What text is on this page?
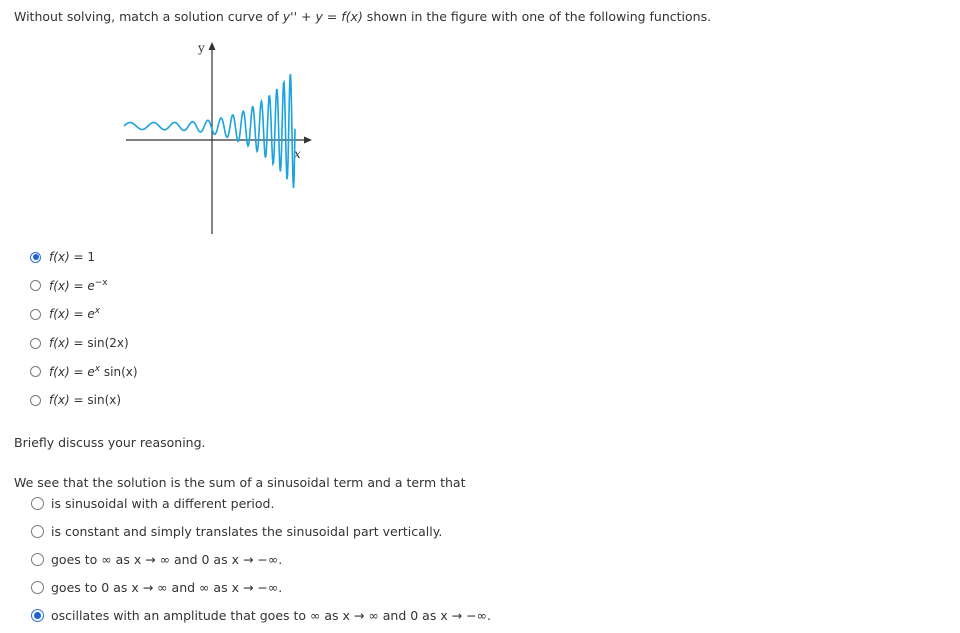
Without solving, match a solution curve of y'' + y = f(x) shown in the figure with one of the following functions.
y
x
f(x) = 1
$f(x) = e^{-x}$
$f(x) = e^x$
f(x) = sin(2x)
$f(x) = e^x$ sin(x)
f(x) = sin(x)
Briefly discuss your reasoning.
We see that the solution is the sum of a sinusoidal term and a term that
is sinusoidal with a different period.
is constant and simply translates the sinusoidal part vertically.
goes to ∞ as x → ∞ and 0 as x → −∞.
goes to 0 as x → ∞ and ∞ as x → −∞.
oscillates with an amplitude that goes to ∞ as x → ∞ and 0 as x → −∞.
